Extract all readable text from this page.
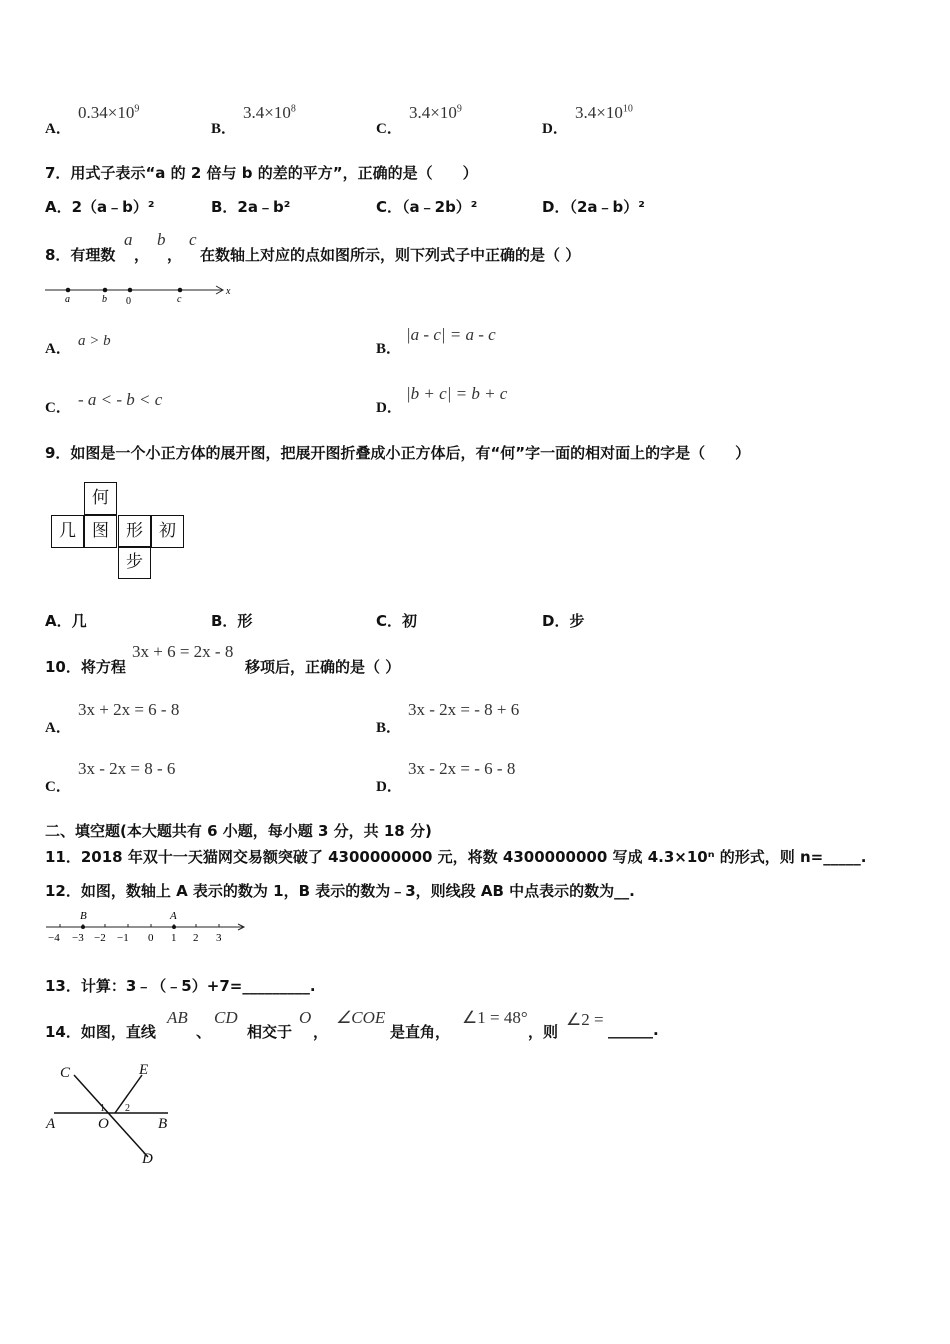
A．
$0.34\times 10^9$
B．
$3.4\times 10^8$
C．
$3.4\times 10^9$
D．
$3.4\times 10^{10}$
7．用式子表示“a 的 2 倍与 b 的差的平方”，正确的是（　　）
A．2（a﹣b）²	B．2a﹣b²	C．（a﹣2b）²	D．（2a﹣b）²
8．有理数
a
，
b
，
c
在数轴上对应的点如图所示，则下列式子中正确的是（ ）
a	b 0	c
x
A． a > b	B．
|a - c| = a - c
C． - a < - b < c	D．
|b + c| = b + c
9．如图是一个小正方体的展开图，把展开图折叠成小正方体后，有“何”字一面的相对面上的字是（　　）
何
几 图	形 初
步
A．几	B．形	C．初	D．步
10．将方程
3x + 6 = 2x - 8
移项后，正确的是（ ）
A．
3x + 2x = 6 - 8
B．
3x - 2x = - 8 + 6
C．
3x - 2x = 8 - 6
D．
3x - 2x = - 6 - 8
二、填空题(本大题共有 6 小题，每小题 3 分，共 18 分)
11．2018 年双十一天猫网交易额突破了 4300000000 元，将数 4300000000 写成 4.3×10ⁿ 的形式，则 n=_____.
12．如图，数轴上 A 表示的数为 1，B 表示的数为﹣3，则线段 AB 中点表示的数为__.
B	A
−4 −3 −2 −1 0 1 2 3
13．计算：3﹣（﹣5）+7=_________.
14．如图，直线
AB
、
CD
相交于
O
，
∠COE
是直角，
∠1 = 48°
，则
∠2 =
______.
C	E
A	O	B
D
1 2
